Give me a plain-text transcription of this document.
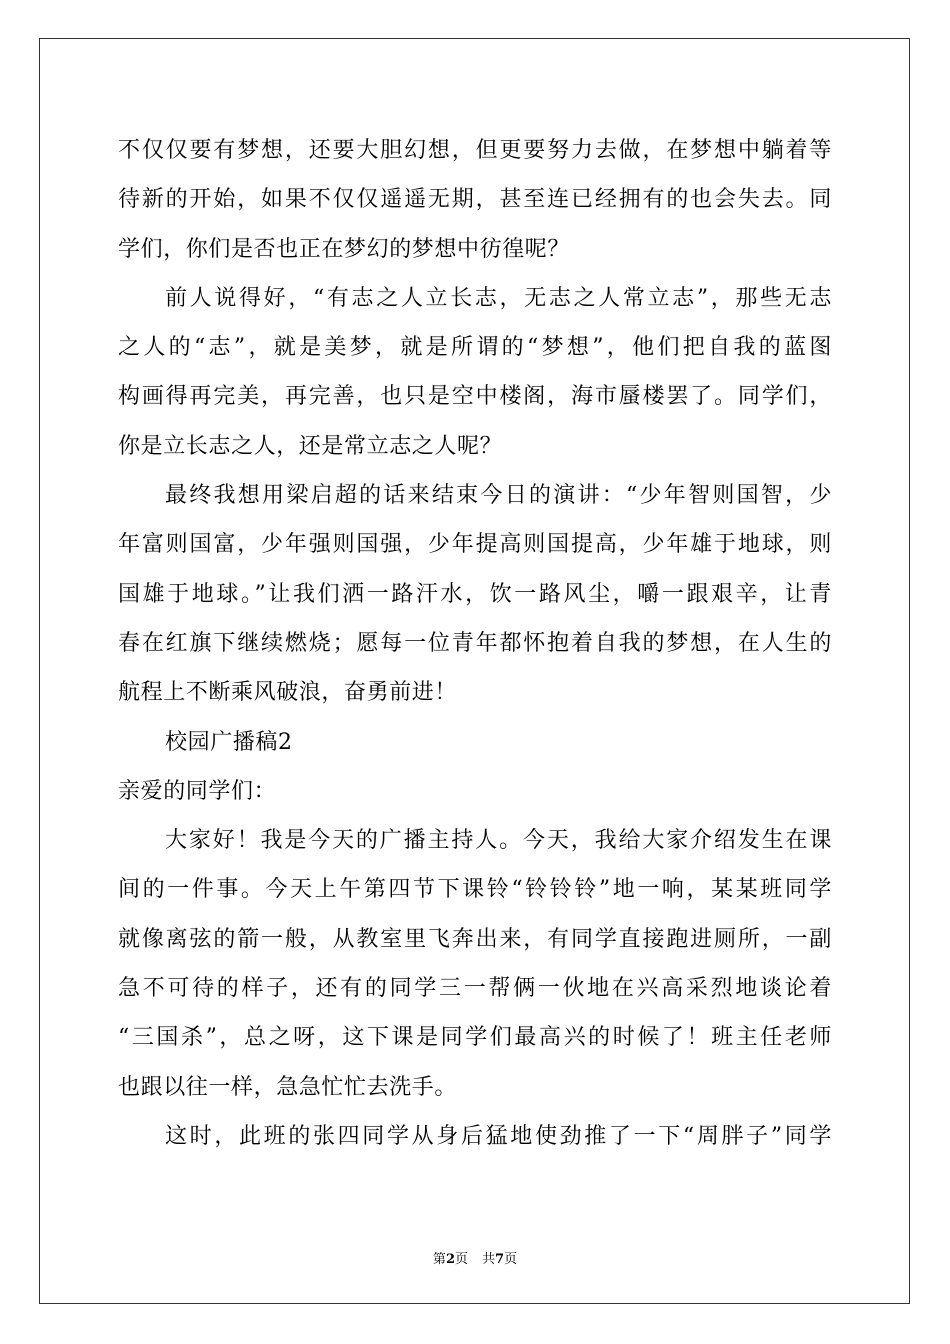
不仅仅要有梦想，还要大胆幻想，但更要努力去做，在梦想中躺着等
待新的开始，如果不仅仅遥遥无期，甚至连已经拥有的也会失去。同
学们，你们是否也正在梦幻的梦想中彷徨呢？
前人说得好，“有志之人立长志，无志之人常立志”，那些无志
之人的“志”，就是美梦，就是所谓的“梦想”，他们把自我的蓝图
构画得再完美，再完善，也只是空中楼阁，海市蜃楼罢了。同学们，
你是立长志之人，还是常立志之人呢？
最终我想用梁启超的话来结束今日的演讲：“少年智则国智，少
年富则国富，少年强则国强，少年提高则国提高，少年雄于地球，则
国雄于地球。”让我们洒一路汗水，饮一路风尘，嚼一跟艰辛，让青
春在红旗下继续燃烧；愿每一位青年都怀抱着自我的梦想，在人生的
航程上不断乘风破浪，奋勇前进！
校园广播稿2
亲爱的同学们：
大家好！我是今天的广播主持人。今天，我给大家介绍发生在课
间的一件事。今天上午第四节下课铃“铃铃铃”地一响，某某班同学
就像离弦的箭一般，从教室里飞奔出来，有同学直接跑进厕所，一副
急不可待的样子，还有的同学三一帮俩一伙地在兴高采烈地谈论着
“三国杀”，总之呀，这下课是同学们最高兴的时候了！班主任老师
也跟以往一样，急急忙忙去洗手。
这时，此班的张四同学从身后猛地使劲推了一下“周胖子”同学
第2页 共7页
